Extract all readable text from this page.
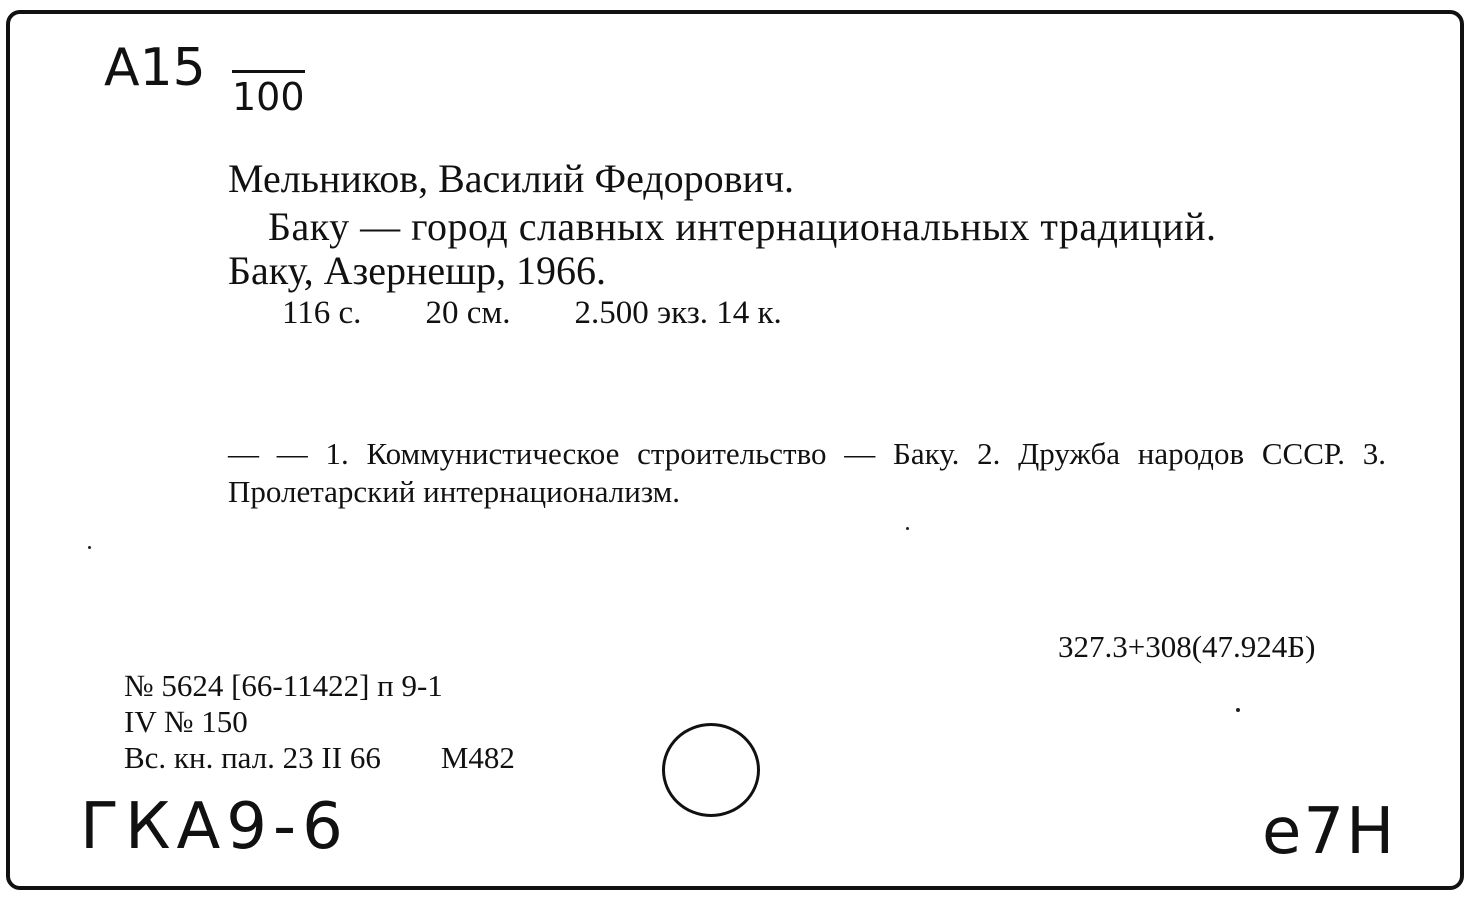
A15 100
Мельников, Василий Федорович.
Баку — город славных интернациональных традиций.
Баку, Азернешр, 1966.
116 с. 20 см. 2.500 экз. 14 к.
— — 1. Коммунистическое строительство — Баку. 2. Дружба народов СССР. 3. Пролетарский интернационализм.
327.3+308(47.924Б)
№ 5624 [66-11422] п 9-1
IV № 150
Вс. кн. пал. 23 II 66 М482
ГКА9-6	e7H
